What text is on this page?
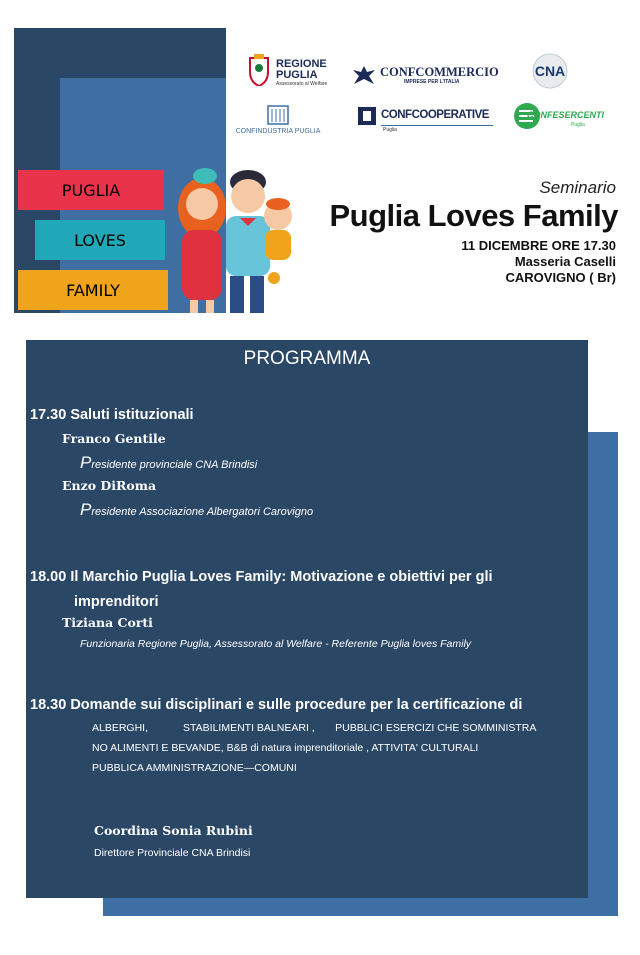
PUGLIA
LOVES
FAMILY
REGIONE
PUGLIA
Assessorato al Welfare
CONFCOMMERCIO
IMPRESE PER L'ITALIA
CNA
CONFINDUSTRIA PUGLIA
CONFCOOPERATIVE
Puglia
CONFESERCENTI
Puglia
Seminario
Puglia Loves Family
11 DICEMBRE ORE 17.30
Masseria Caselli
CAROVIGNO ( Br)
PROGRAMMA
17.30 Saluti istituzionali
Franco Gentile
Presidente provinciale CNA Brindisi
Enzo DiRoma
Presidente Associazione Albergatori Carovigno
18.00 Il Marchio Puglia Loves Family: Motivazione e obiettivi per gli
imprenditori
Tiziana Corti
Funzionaria Regione Puglia, Assessorato al Welfare - Referente Puglia loves Family
18.30 Domande sui disciplinari e sulle procedure per la certificazione di
ALBERGHI,            STABILIMENTI BALNEARI ,       PUBBLICI ESERCIZI CHE SOMMINISTRA
NO ALIMENTI E BEVANDE, B&B di natura imprenditoriale , ATTIVITA' CULTURALI
PUBBLICA AMMINISTRAZIONE—COMUNI
Coordina Sonia Rubini
Direttore Provinciale CNA Brindisi
